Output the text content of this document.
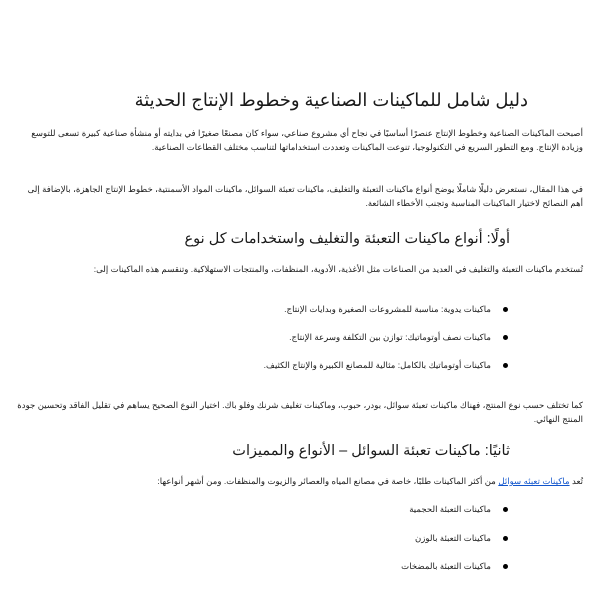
دليل شامل للماكينات الصناعية وخطوط الإنتاج الحديثة

أصبحت الماكينات الصناعية وخطوط الإنتاج عنصرًا أساسيًا في نجاح أي مشروع صناعي، سواء كان مصنعًا صغيرًا في بدايته أو منشأة صناعية كبيرة تسعى للتوسع وزيادة الإنتاج. ومع التطور السريع في التكنولوجيا، تنوعت الماكينات وتعددت استخداماتها لتناسب مختلف القطاعات الصناعية.

في هذا المقال، نستعرض دليلًا شاملًا يوضح أنواع ماكينات التعبئة والتغليف، ماكينات تعبئة السوائل، ماكينات المواد الأسمنتية، خطوط الإنتاج الجاهزة، بالإضافة إلى أهم النصائح لاختيار الماكينات المناسبة وتجنب الأخطاء الشائعة.

أولًا: أنواع ماكينات التعبئة والتغليف واستخدامات كل نوع

تُستخدم ماكينات التعبئة والتغليف في العديد من الصناعات مثل الأغذية، الأدوية، المنظفات، والمنتجات الاستهلاكية. وتنقسم هذه الماكينات إلى:

ماكينات يدوية: مناسبة للمشروعات الصغيرة وبدايات الإنتاج.
ماكينات نصف أوتوماتيك: توازن بين التكلفة وسرعة الإنتاج.
ماكينات أوتوماتيك بالكامل: مثالية للمصانع الكبيرة والإنتاج الكثيف.

كما تختلف حسب نوع المنتج، فهناك ماكينات تعبئة سوائل، بودر، حبوب، وماكينات تغليف شرنك وفلو باك. اختيار النوع الصحيح يساهم في تقليل الفاقد وتحسين جودة المنتج النهائي.

ثانيًا: ماكينات تعبئة السوائل – الأنواع والمميزات

تُعد ماكينات تعبئه سوائل من أكثر الماكينات طلبًا، خاصة في مصانع المياه والعصائر والزيوت والمنظفات. ومن أشهر أنواعها:

ماكينات التعبئة الحجمية
ماكينات التعبئة بالوزن
ماكينات التعبئة بالمضخات
